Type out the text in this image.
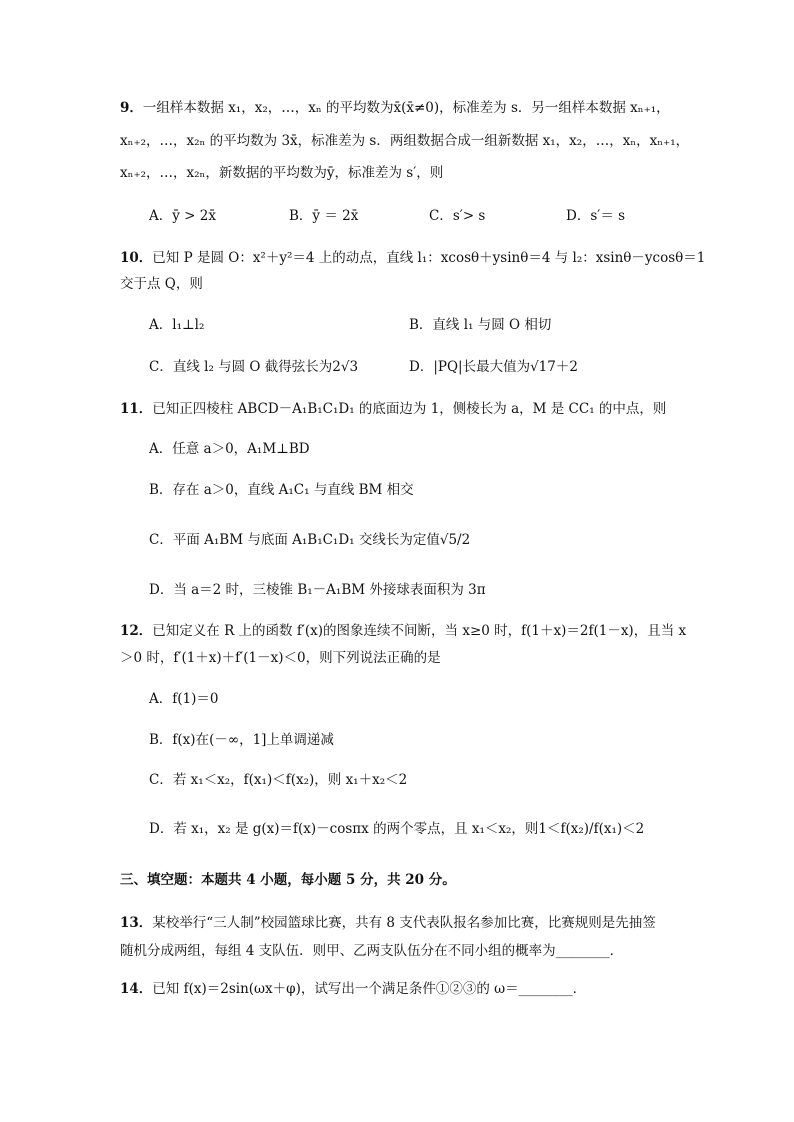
9．一组样本数据 x₁，x₂，…，xₙ 的平均数为x̄(x̄≠0)，标准差为 s．另一组样本数据 xₙ₊₁，
xₙ₊₂，…，x₂ₙ 的平均数为 3x̄，标准差为 s．两组数据合成一组新数据 x₁，x₂，…，xₙ，xₙ₊₁，
xₙ₊₂，…，x₂ₙ，新数据的平均数为ȳ，标准差为 s′，则
A．ȳ > 2x̄	B．ȳ ＝ 2x̄	C．s′> s	D．s′＝ s
10．已知 P 是圆 O：x²＋y²＝4 上的动点，直线 l₁：xcosθ＋ysinθ＝4 与 l₂：xsinθ－ycosθ＝1
交于点 Q，则
A．l₁⊥l₂	B．直线 l₁ 与圆 O 相切
C．直线 l₂ 与圆 O 截得弦长为2√3	D．|PQ|长最大值为√17＋2
11．已知正四棱柱 ABCD－A₁B₁C₁D₁ 的底面边为 1，侧棱长为 a，M 是 CC₁ 的中点，则
A．任意 a＞0，A₁M⊥BD
B．存在 a＞0，直线 A₁C₁ 与直线 BM 相交
C．平面 A₁BM 与底面 A₁B₁C₁D₁ 交线长为定值√5/2
D．当 a＝2 时，三棱锥 B₁－A₁BM 外接球表面积为 3π
12．已知定义在 R 上的函数 f′(x)的图象连续不间断，当 x≥0 时，f(1＋x)＝2f(1－x)，且当 x
＞0 时，f′(1＋x)＋f′(1－x)＜0，则下列说法正确的是
A．f(1)＝0
B．f(x)在(－∞，1]上单调递减
C．若 x₁＜x₂，f(x₁)＜f(x₂)，则 x₁＋x₂＜2
D．若 x₁，x₂ 是 g(x)＝f(x)－cosπx 的两个零点，且 x₁＜x₂，则1＜f(x₂)/f(x₁)＜2
三、填空题：本题共 4 小题，每小题 5 分，共 20 分。
13．某校举行“三人制”校园篮球比赛，共有 8 支代表队报名参加比赛，比赛规则是先抽签
随机分成两组，每组 4 支队伍．则甲、乙两支队伍分在不同小组的概率为________．
14．已知 f(x)＝2sin(ωx＋φ)，试写出一个满足条件①②③的 ω＝________．
